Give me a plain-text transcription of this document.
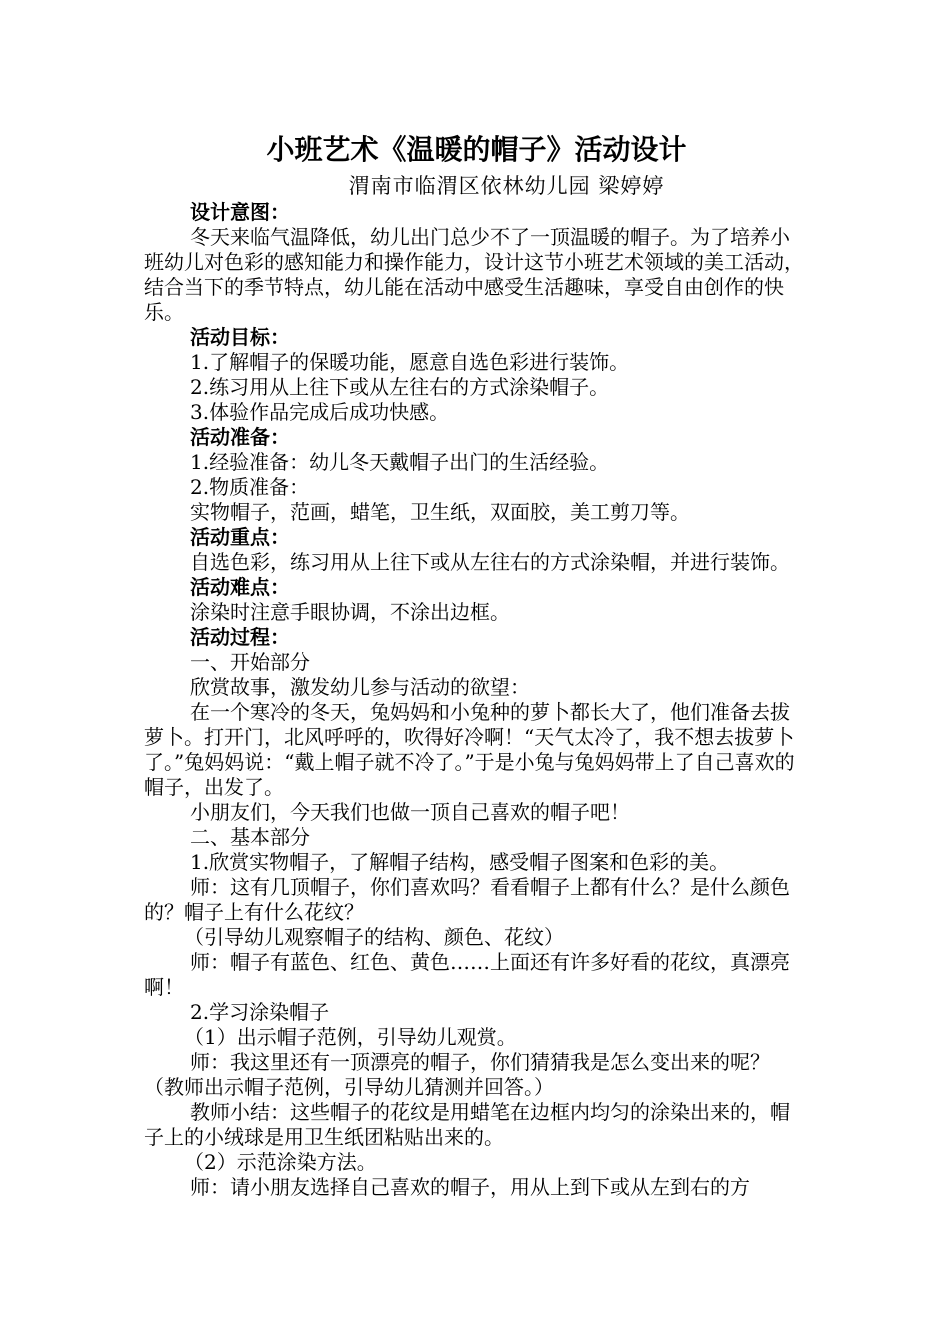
小班艺术《温暖的帽子》活动设计
渭南市临渭区依林幼儿园 梁婷婷
设计意图：
冬天来临气温降低，幼儿出门总少不了一顶温暖的帽子。为了培养小班幼儿对色彩的感知能力和操作能力，设计这节小班艺术领域的美工活动，结合当下的季节特点，幼儿能在活动中感受生活趣味，享受自由创作的快乐。
活动目标：
1.了解帽子的保暖功能，愿意自选色彩进行装饰。
2.练习用从上往下或从左往右的方式涂染帽子。
3.体验作品完成后成功快感。
活动准备：
1.经验准备：幼儿冬天戴帽子出门的生活经验。
2.物质准备：
实物帽子，范画，蜡笔，卫生纸，双面胶，美工剪刀等。
活动重点：
自选色彩，练习用从上往下或从左往右的方式涂染帽，并进行装饰。
活动难点：
涂染时注意手眼协调，不涂出边框。
活动过程：
一、开始部分
欣赏故事，激发幼儿参与活动的欲望：
在一个寒冷的冬天，兔妈妈和小兔种的萝卜都长大了，他们准备去拔萝卜。打开门，北风呼呼的，吹得好冷啊！“天气太冷了，我不想去拔萝卜了。”兔妈妈说：“戴上帽子就不冷了。”于是小兔与兔妈妈带上了自己喜欢的帽子，出发了。
小朋友们，今天我们也做一顶自己喜欢的帽子吧！
二、基本部分
1.欣赏实物帽子，了解帽子结构，感受帽子图案和色彩的美。
师：这有几顶帽子，你们喜欢吗？看看帽子上都有什么？是什么颜色的？帽子上有什么花纹？
（引导幼儿观察帽子的结构、颜色、花纹）
师：帽子有蓝色、红色、黄色……上面还有许多好看的花纹，真漂亮啊！
2.学习涂染帽子
（1）出示帽子范例，引导幼儿观赏。
师：我这里还有一顶漂亮的帽子，你们猜猜我是怎么变出来的呢？（教师出示帽子范例，引导幼儿猜测并回答。）
教师小结：这些帽子的花纹是用蜡笔在边框内均匀的涂染出来的，帽子上的小绒球是用卫生纸团粘贴出来的。
（2）示范涂染方法。
师：请小朋友选择自己喜欢的帽子，用从上到下或从左到右的方
